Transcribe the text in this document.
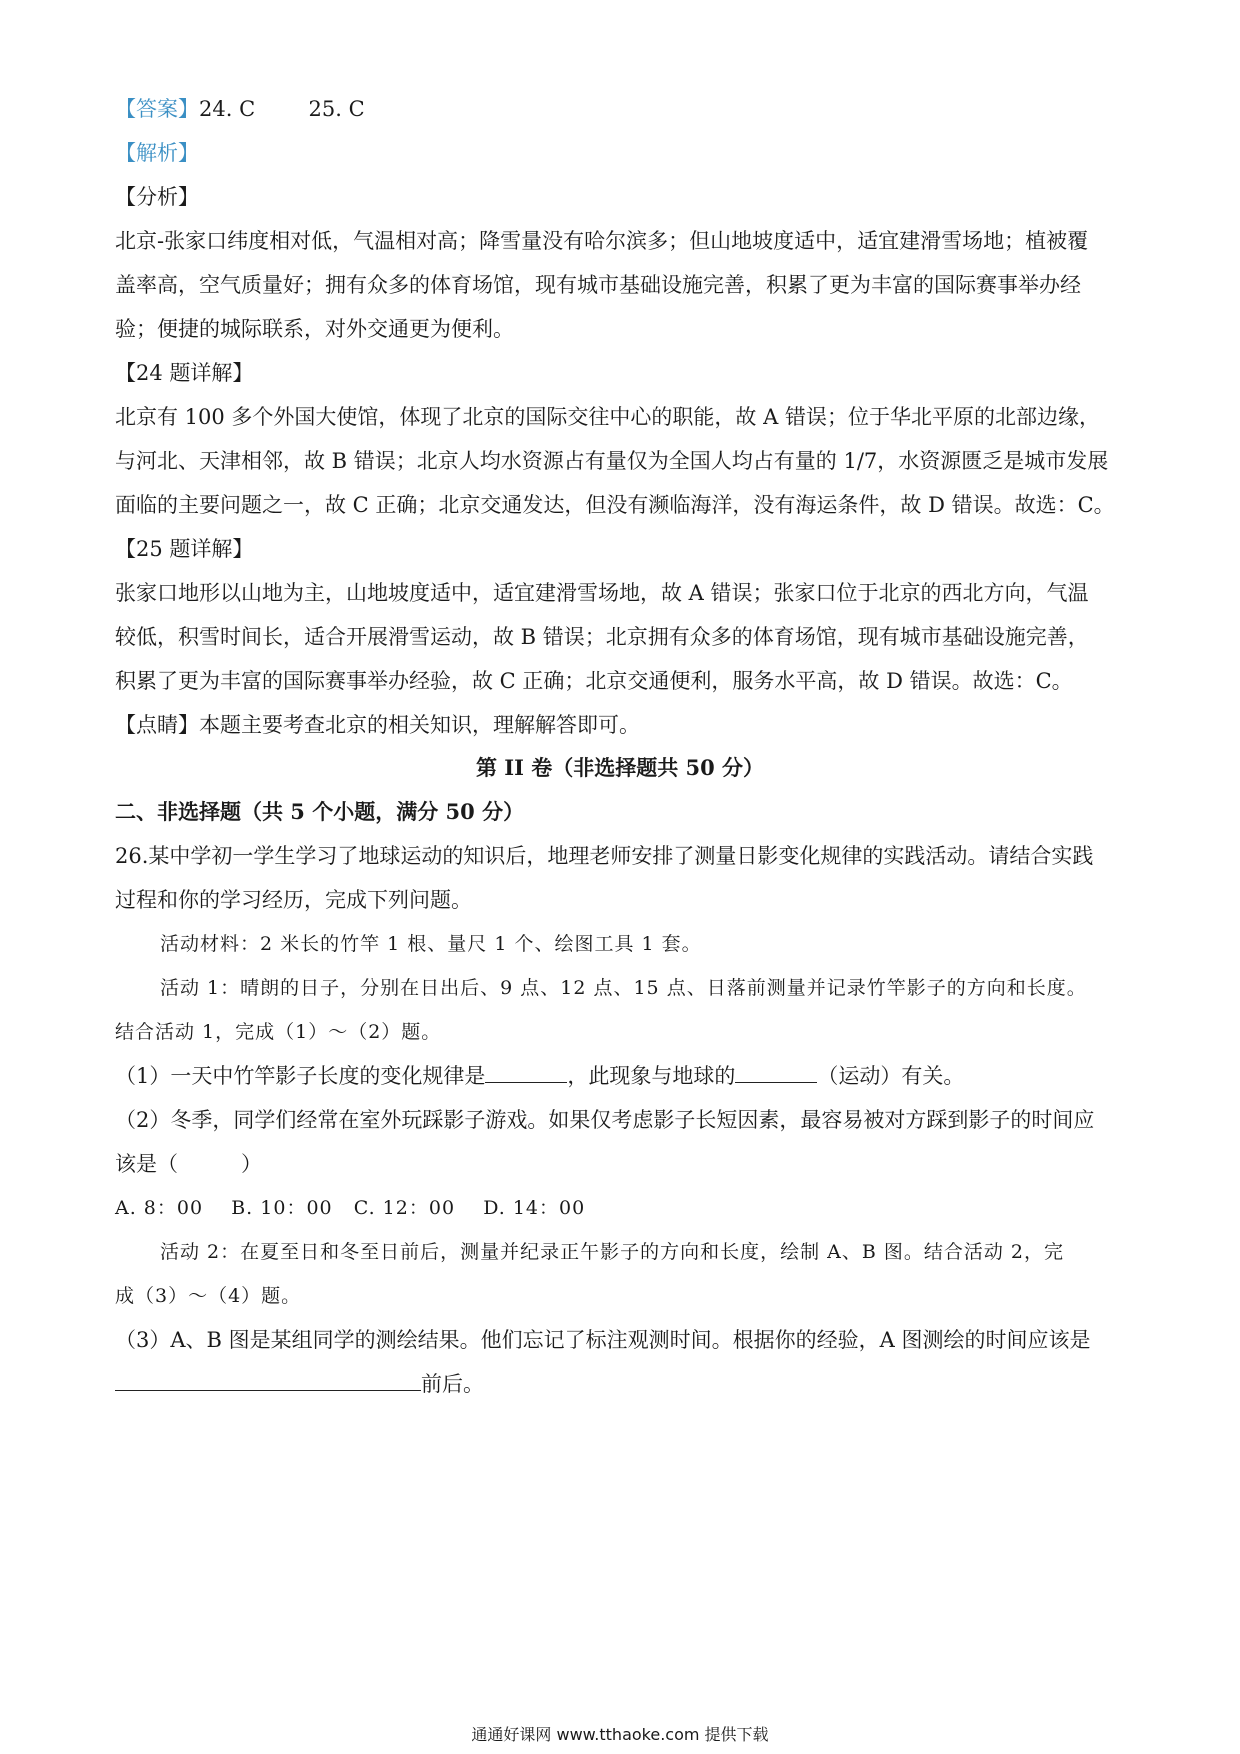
【答案】24. C        25. C
【解析】
【分析】
北京-张家口纬度相对低，气温相对高；降雪量没有哈尔滨多；但山地坡度适中，适宜建滑雪场地；植被覆
盖率高，空气质量好；拥有众多的体育场馆，现有城市基础设施完善，积累了更为丰富的国际赛事举办经
验；便捷的城际联系，对外交通更为便利。
【24 题详解】
北京有 100 多个外国大使馆，体现了北京的国际交往中心的职能，故 A 错误；位于华北平原的北部边缘，
与河北、天津相邻，故 B 错误；北京人均水资源占有量仅为全国人均占有量的 1/7，水资源匮乏是城市发展
面临的主要问题之一，故 C 正确；北京交通发达，但没有濒临海洋，没有海运条件，故 D 错误。故选：C。
【25 题详解】
张家口地形以山地为主，山地坡度适中，适宜建滑雪场地，故 A 错误；张家口位于北京的西北方向，气温
较低，积雪时间长，适合开展滑雪运动，故 B 错误；北京拥有众多的体育场馆，现有城市基础设施完善，
积累了更为丰富的国际赛事举办经验，故 C 正确；北京交通便利，服务水平高，故 D 错误。故选：C。
【点睛】本题主要考查北京的相关知识，理解解答即可。
第 II 卷（非选择题共 50 分）
二、非选择题（共 5 个小题，满分 50 分）
26.某中学初一学生学习了地球运动的知识后，地理老师安排了测量日影变化规律的实践活动。请结合实践
过程和你的学习经历，完成下列问题。
活动材料：2 米长的竹竿 1 根、量尺 1 个、绘图工具 1 套。
活动 1：晴朗的日子，分别在日出后、9 点、12 点、15 点、日落前测量并记录竹竿影子的方向和长度。
结合活动 1，完成（1）～（2）题。
（1）一天中竹竿影子长度的变化规律是	，此现象与地球的	（运动）有关。
（2）冬季，同学们经常在室外玩踩影子游戏。如果仅考虑影子长短因素，最容易被对方踩到影子的时间应
该是（　　　）
A. 8：00    B. 10：00   C. 12：00    D. 14：00
活动 2：在夏至日和冬至日前后，测量并纪录正午影子的方向和长度，绘制 A、B 图。结合活动 2，完
成（3）～（4）题。
（3）A、B 图是某组同学的测绘结果。他们忘记了标注观测时间。根据你的经验，A 图测绘的时间应该是
前后。
通通好课网 www.tthaoke.com 提供下载
